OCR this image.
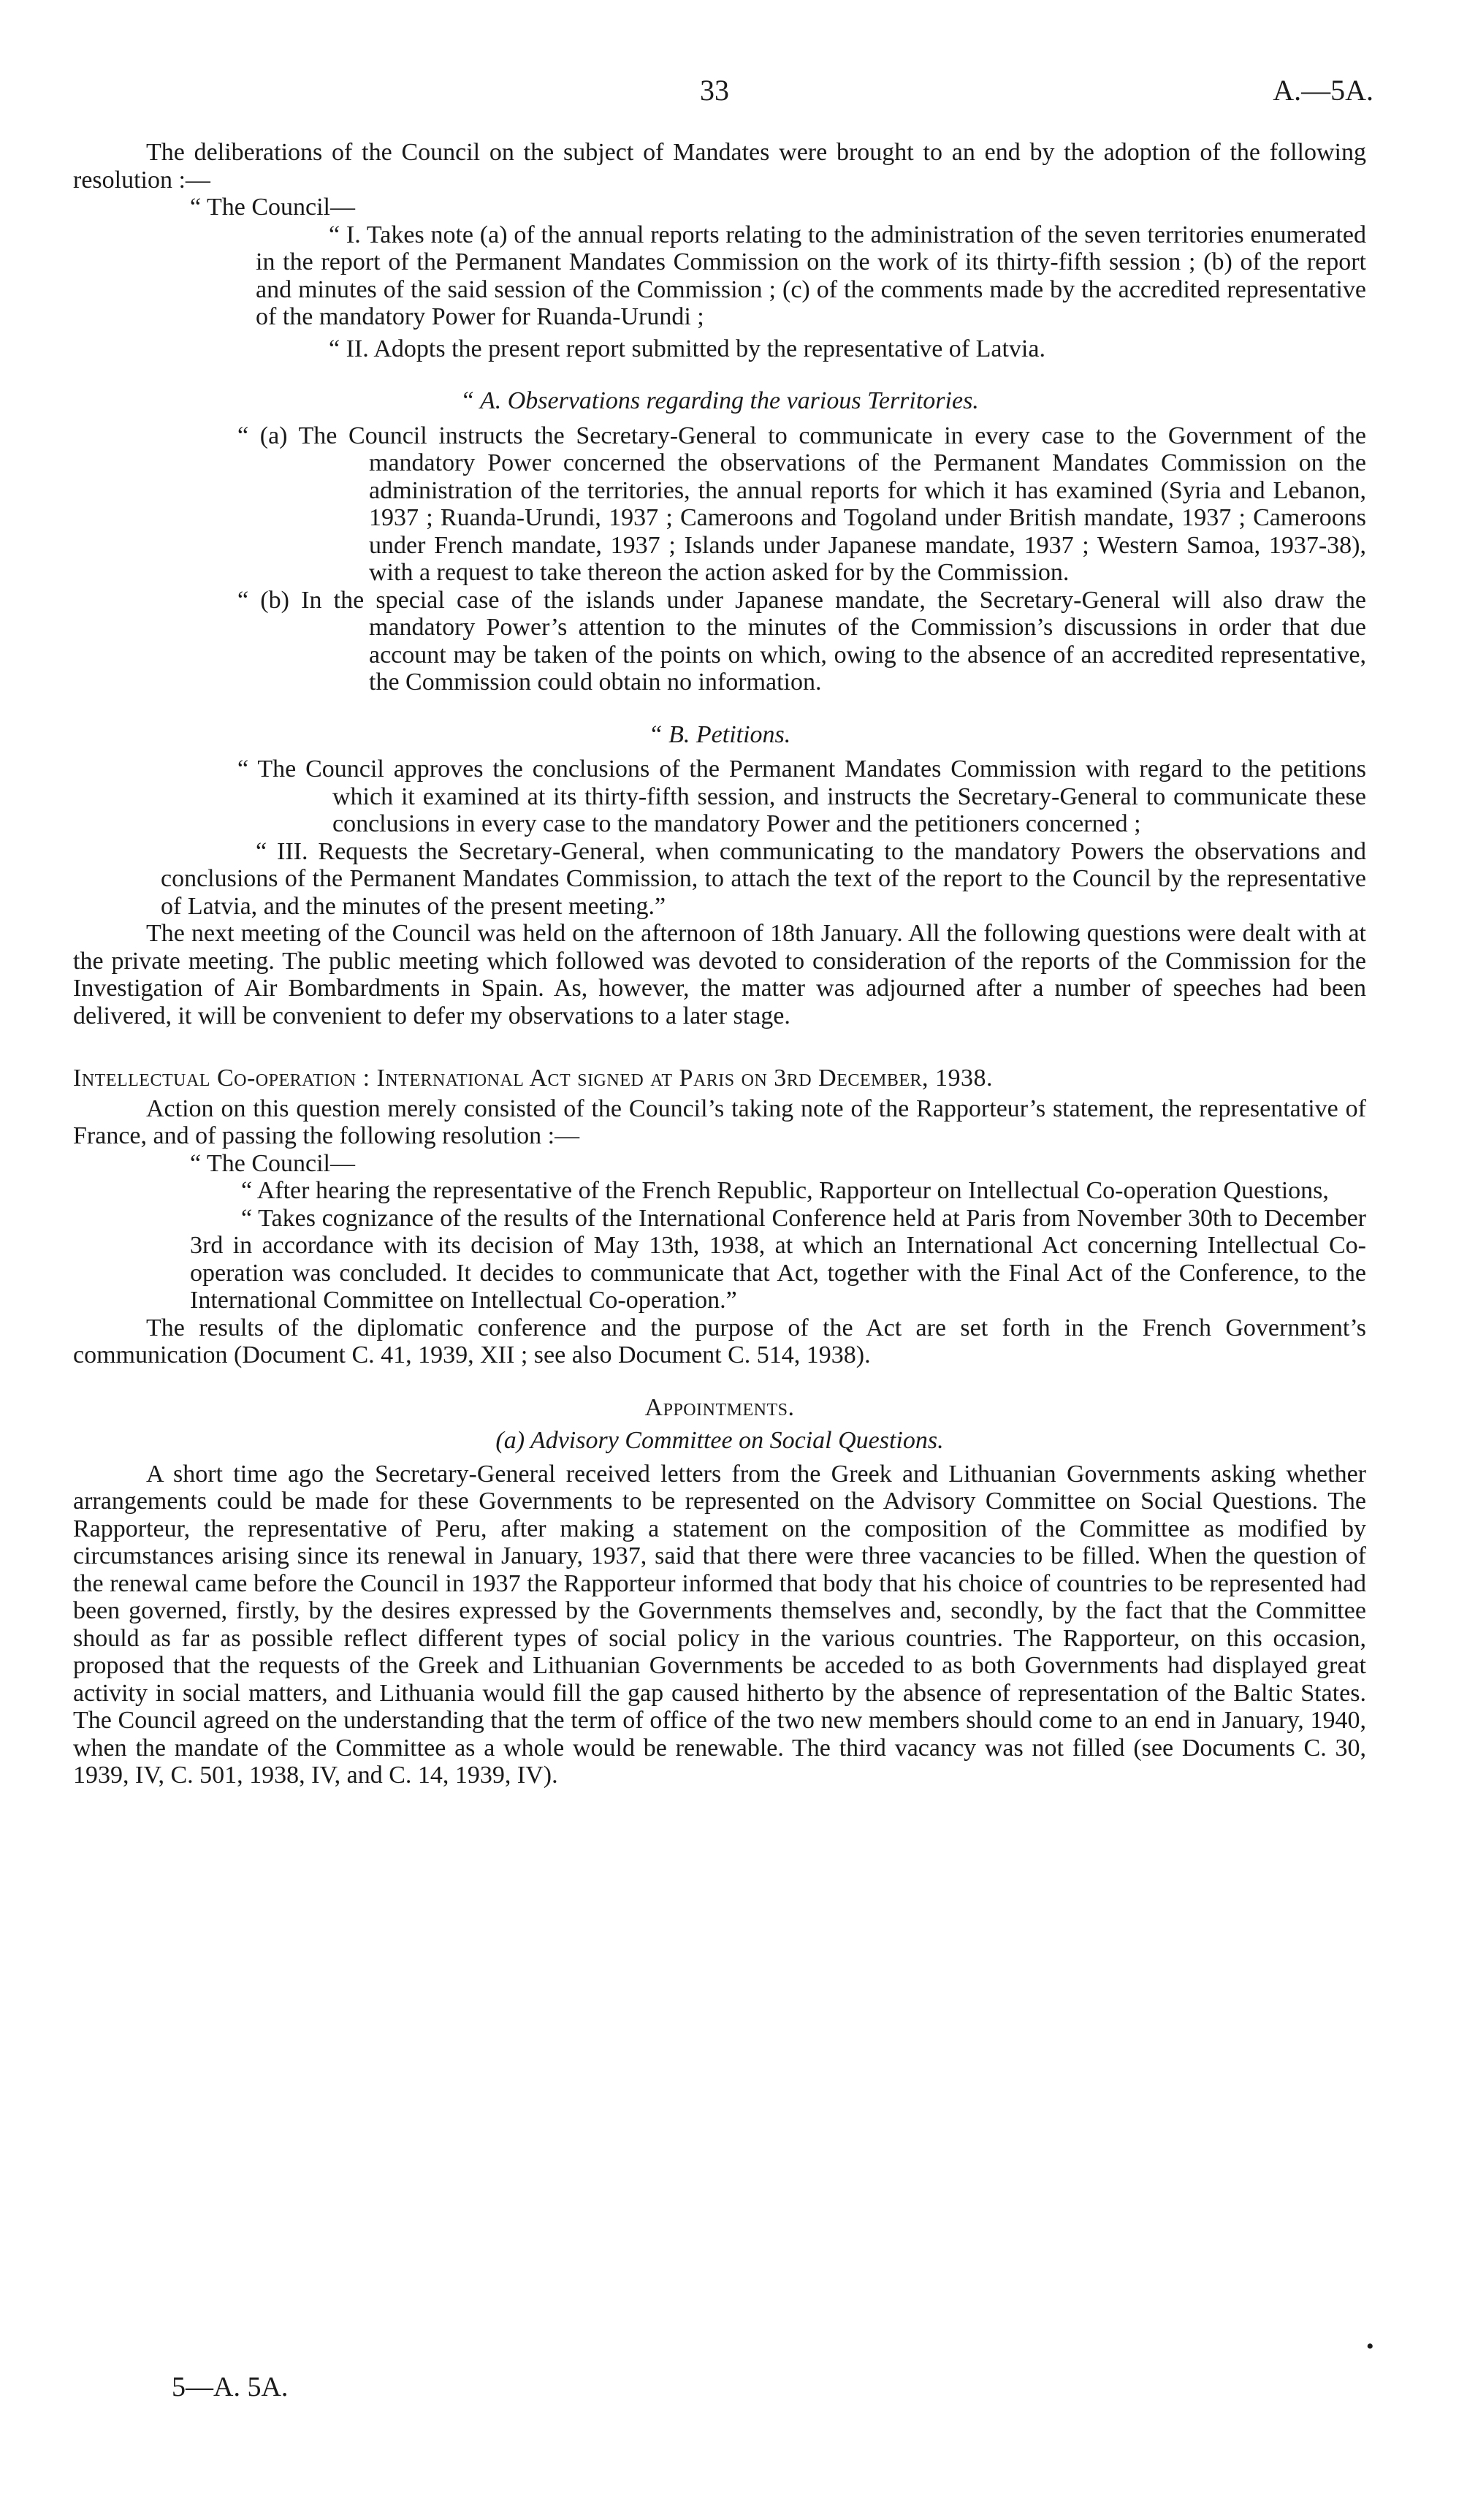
33	A.—5A.

The deliberations of the Council on the subject of Mandates were brought to an end by the adoption of the following resolution :—

“ The Council—

“ I. Takes note (a) of the annual reports relating to the administration of the seven territories enumerated in the report of the Permanent Mandates Commission on the work of its thirty-fifth session ; (b) of the report and minutes of the said session of the Commission ; (c) of the comments made by the accredited representative of the mandatory Power for Ruanda-Urundi ;

“ II. Adopts the present report submitted by the representative of Latvia.

“ A. Observations regarding the various Territories.

“ (a) The Council instructs the Secretary-General to communicate in every case to the Government of the mandatory Power concerned the observations of the Permanent Mandates Commission on the administration of the territories, the annual reports for which it has examined (Syria and Lebanon, 1937 ; Ruanda-Urundi, 1937 ; Cameroons and Togoland under British mandate, 1937 ; Cameroons under French mandate, 1937 ; Islands under Japanese mandate, 1937 ; Western Samoa, 1937-38), with a request to take thereon the action asked for by the Commission.

“ (b) In the special case of the islands under Japanese mandate, the Secretary-General will also draw the mandatory Power’s attention to the minutes of the Commission’s discussions in order that due account may be taken of the points on which, owing to the absence of an accredited representative, the Commission could obtain no information.

“ B. Petitions.

“ The Council approves the conclusions of the Permanent Mandates Commission with regard to the petitions which it examined at its thirty-fifth session, and instructs the Secretary-General to communicate these conclusions in every case to the mandatory Power and the petitioners concerned ;

“ III. Requests the Secretary-General, when communicating to the mandatory Powers the observations and conclusions of the Permanent Mandates Commission, to attach the text of the report to the Council by the representative of Latvia, and the minutes of the present meeting.”

The next meeting of the Council was held on the afternoon of 18th January. All the following questions were dealt with at the private meeting. The public meeting which followed was devoted to consideration of the reports of the Commission for the Investigation of Air Bombardments in Spain. As, however, the matter was adjourned after a number of speeches had been delivered, it will be convenient to defer my observations to a later stage.

Intellectual Co-operation : International Act signed at Paris on 3rd December, 1938.

Action on this question merely consisted of the Council’s taking note of the Rapporteur’s statement, the representative of France, and of passing the following resolution :—

“ The Council—

“ After hearing the representative of the French Republic, Rapporteur on Intellectual Co-operation Questions,

“ Takes cognizance of the results of the International Conference held at Paris from November 30th to December 3rd in accordance with its decision of May 13th, 1938, at which an International Act concerning Intellectual Co-operation was concluded. It decides to communicate that Act, together with the Final Act of the Conference, to the International Committee on Intellectual Co-operation.”

The results of the diplomatic conference and the purpose of the Act are set forth in the French Government’s communication (Document C. 41, 1939, XII ; see also Document C. 514, 1938).

Appointments.

(a) Advisory Committee on Social Questions.

A short time ago the Secretary-General received letters from the Greek and Lithuanian Governments asking whether arrangements could be made for these Governments to be represented on the Advisory Committee on Social Questions. The Rapporteur, the representative of Peru, after making a statement on the composition of the Committee as modified by circumstances arising since its renewal in January, 1937, said that there were three vacancies to be filled. When the question of the renewal came before the Council in 1937 the Rapporteur informed that body that his choice of countries to be represented had been governed, firstly, by the desires expressed by the Governments themselves and, secondly, by the fact that the Committee should as far as possible reflect different types of social policy in the various countries. The Rapporteur, on this occasion, proposed that the requests of the Greek and Lithuanian Governments be acceded to as both Governments had displayed great activity in social matters, and Lithuania would fill the gap caused hitherto by the absence of representation of the Baltic States. The Council agreed on the understanding that the term of office of the two new members should come to an end in January, 1940, when the mandate of the Committee as a whole would be renewable. The third vacancy was not filled (see Documents C. 30, 1939, IV, C. 501, 1938, IV, and C. 14, 1939, IV).

•
5—A. 5A.
